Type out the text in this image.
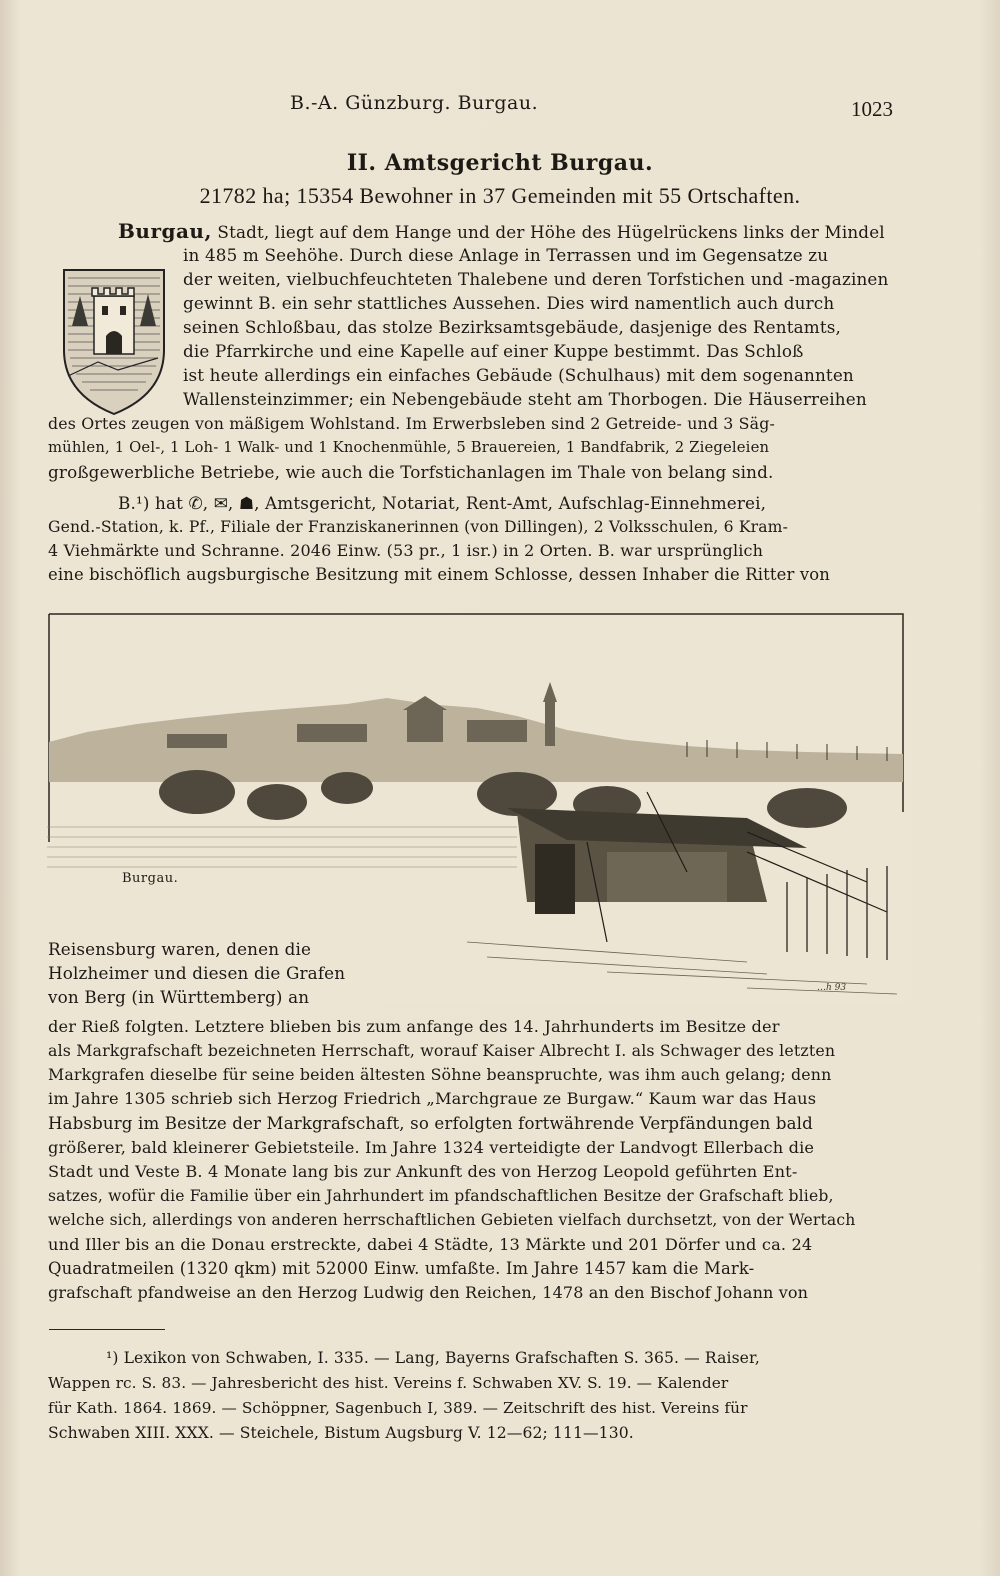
B.-A. Günzburg. Burgau.	1023
II. Amtsgericht Burgau.
21782 ha; 15354 Bewohner in 37 Gemeinden mit 55 Ortschaften.
Burgau, Stadt, liegt auf dem Hange und der Höhe des Hügelrückens links der Mindel
in 485 m Seehöhe. Durch diese Anlage in Terrassen und im Gegensatze zu
der weiten, vielbuchfeuchteten Thalebene und deren Torfstichen und -magazinen
gewinnt B. ein sehr stattliches Aussehen. Dies wird namentlich auch durch
seinen Schloßbau, das stolze Bezirksamtsgebäude, dasjenige des Rentamts,
die Pfarrkirche und eine Kapelle auf einer Kuppe bestimmt. Das Schloß
ist heute allerdings ein einfaches Gebäude (Schulhaus) mit dem sogenannten
Wallensteinzimmer; ein Nebengebäude steht am Thorbogen. Die Häuserreihen
des Ortes zeugen von mäßigem Wohlstand. Im Erwerbsleben sind 2 Getreide- und 3 Säg-
mühlen, 1 Oel-, 1 Loh- 1 Walk- und 1 Knochenmühle, 5 Brauereien, 1 Bandfabrik, 2 Ziegeleien
großgewerbliche Betriebe, wie auch die Torfstichanlagen im Thale von belang sind.
B.¹) hat ✆, ✉, ☗, Amtsgericht, Notariat, Rent-Amt, Aufschlag-Einnehmerei,
Gend.-Station, k. Pf., Filiale der Franziskanerinnen (von Dillingen), 2 Volksschulen, 6 Kram-
4 Viehmärkte und Schranne. 2046 Einw. (53 pr., 1 isr.) in 2 Orten. B. war ursprünglich
eine bischöflich augsburgische Besitzung mit einem Schlosse, dessen Inhaber die Ritter von
…h 93
Burgau.
Reisensburg waren, denen die
Holzheimer und diesen die Grafen
von Berg (in Württemberg) an
der Rieß folgten. Letztere blieben bis zum anfange des 14. Jahrhunderts im Besitze der
als Markgrafschaft bezeichneten Herrschaft, worauf Kaiser Albrecht I. als Schwager des letzten
Markgrafen dieselbe für seine beiden ältesten Söhne beanspruchte, was ihm auch gelang; denn
im Jahre 1305 schrieb sich Herzog Friedrich „Marchgraue ze Burgaw.“ Kaum war das Haus
Habsburg im Besitze der Markgrafschaft, so erfolgten fortwährende Verpfändungen bald
größerer, bald kleinerer Gebietsteile. Im Jahre 1324 verteidigte der Landvogt Ellerbach die
Stadt und Veste B. 4 Monate lang bis zur Ankunft des von Herzog Leopold geführten Ent-
satzes, wofür die Familie über ein Jahrhundert im pfandschaftlichen Besitze der Grafschaft blieb,
welche sich, allerdings von anderen herrschaftlichen Gebieten vielfach durchsetzt, von der Wertach
und Iller bis an die Donau erstreckte, dabei 4 Städte, 13 Märkte und 201 Dörfer und ca. 24
Quadratmeilen (1320 qkm) mit 52000 Einw. umfaßte. Im Jahre 1457 kam die Mark-
grafschaft pfandweise an den Herzog Ludwig den Reichen, 1478 an den Bischof Johann von
¹) Lexikon von Schwaben, I. 335. — Lang, Bayerns Grafschaften S. 365. — Raiser,
Wappen rc. S. 83. — Jahresbericht des hist. Vereins f. Schwaben XV. S. 19. — Kalender
für Kath. 1864. 1869. — Schöppner, Sagenbuch I, 389. — Zeitschrift des hist. Vereins für
Schwaben XIII. XXX. — Steichele, Bistum Augsburg V. 12—62; 111—130.
